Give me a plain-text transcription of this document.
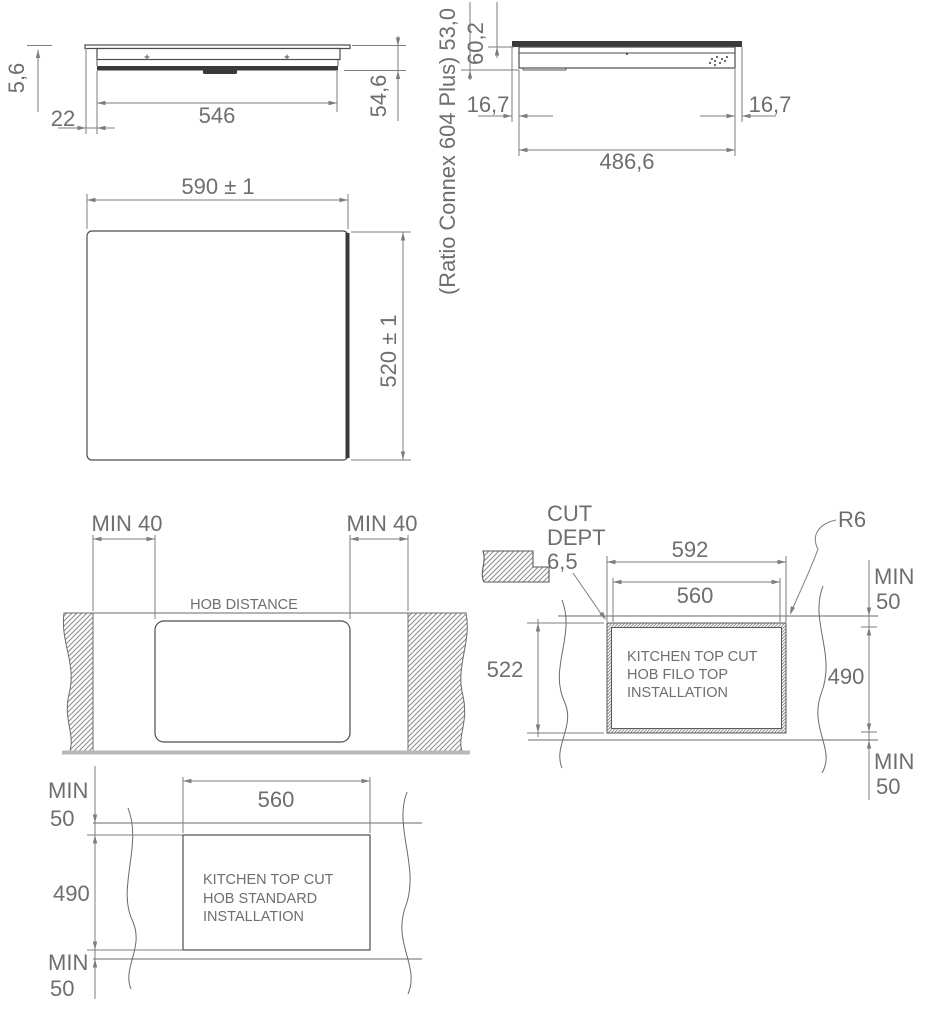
5,6
22	546	54,6 (Ratio Connex 604 Plus) 53,0 60,2
16,7	16,7
486,6
590 ± 1
520 ± 1
HOB DISTANCE
MIN 40	MIN 40
KITCHEN TOP CUT
HOB FILO TOP
INSTALLATION
CUT
DEPT
6,5
R6
592
560
522
MIN
50
490
MIN
50
KITCHEN TOP CUT
HOB STANDARD
INSTALLATION
MIN
50
490
MIN
50
560
